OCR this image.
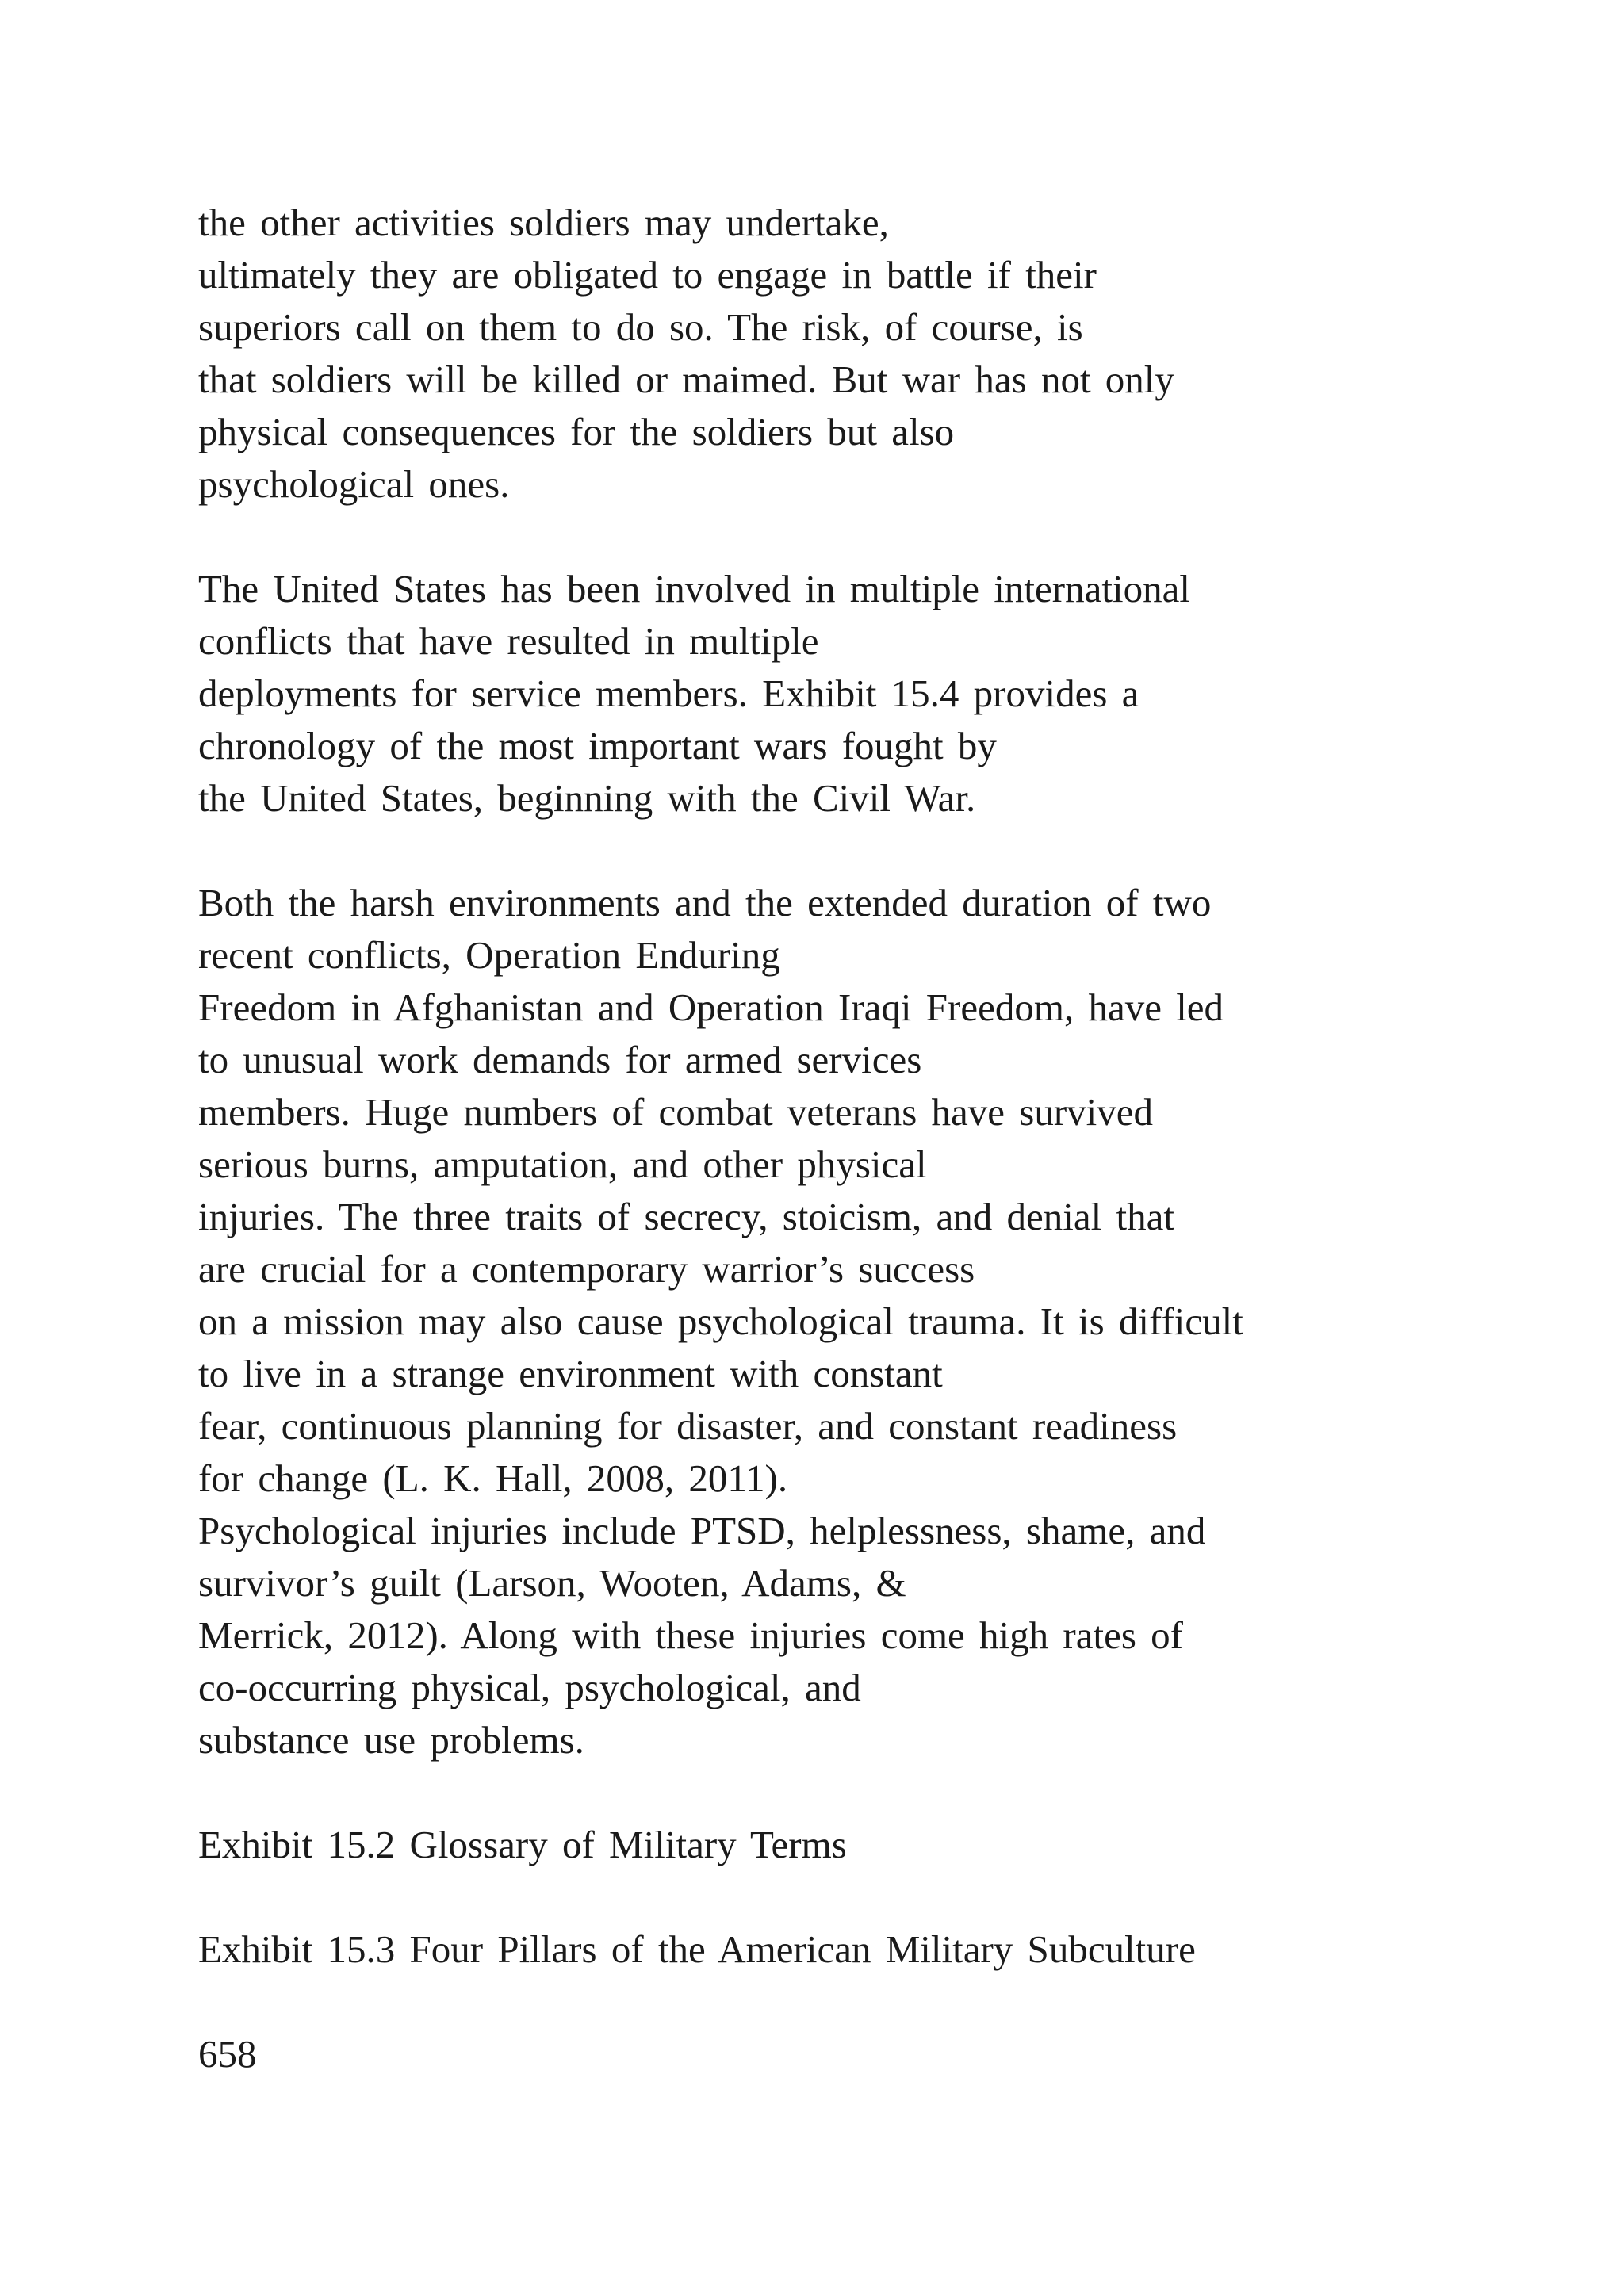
the other activities soldiers may undertake,
ultimately they are obligated to engage in battle if their
superiors call on them to do so. The risk, of course, is
that soldiers will be killed or maimed. But war has not only
physical consequences for the soldiers but also
psychological ones.
The United States has been involved in multiple international
conflicts that have resulted in multiple
deployments for service members. Exhibit 15.4 provides a
chronology of the most important wars fought by
the United States, beginning with the Civil War.
Both the harsh environments and the extended duration of two
recent conflicts, Operation Enduring
Freedom in Afghanistan and Operation Iraqi Freedom, have led
to unusual work demands for armed services
members. Huge numbers of combat veterans have survived
serious burns, amputation, and other physical
injuries. The three traits of secrecy, stoicism, and denial that
are crucial for a contemporary warrior’s success
on a mission may also cause psychological trauma. It is difficult
to live in a strange environment with constant
fear, continuous planning for disaster, and constant readiness
for change (L. K. Hall, 2008, 2011).
Psychological injuries include PTSD, helplessness, shame, and
survivor’s guilt (Larson, Wooten, Adams, &
Merrick, 2012). Along with these injuries come high rates of
co-occurring physical, psychological, and
substance use problems.
Exhibit 15.2 Glossary of Military Terms
Exhibit 15.3 Four Pillars of the American Military Subculture
658
